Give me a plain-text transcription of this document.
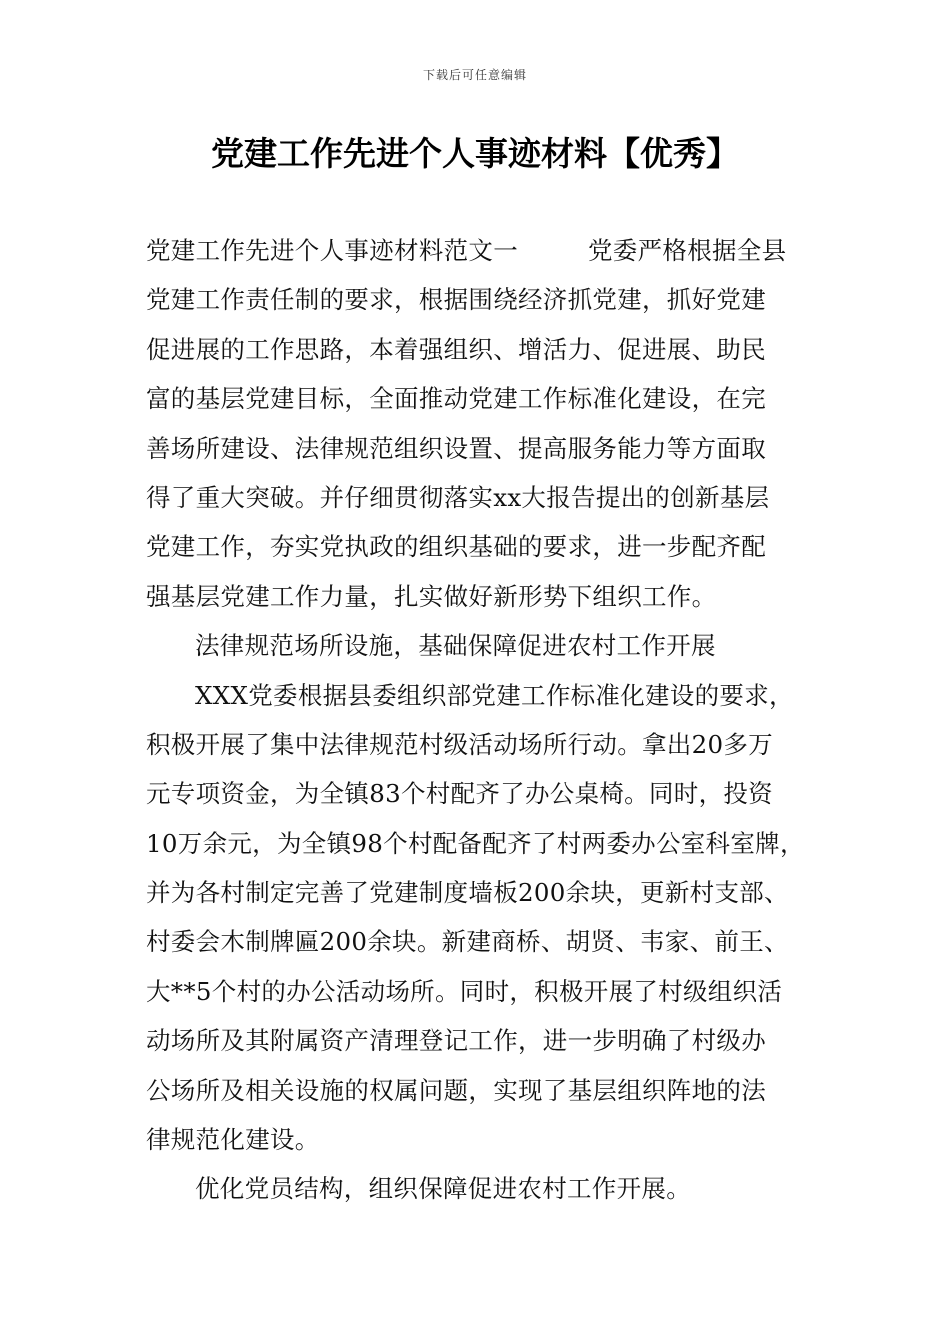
下载后可任意编辑
党建工作先进个人事迹材料【优秀】
党建工作先进个人事迹材料范文一	党委严格根据全县
党建工作责任制的要求，根据围绕经济抓党建，抓好党建
促进展的工作思路，本着强组织、增活力、促进展、助民
富的基层党建目标，全面推动党建工作标准化建设，在完
善场所建设、法律规范组织设置、提高服务能力等方面取
得了重大突破。并仔细贯彻落实xx大报告提出的创新基层
党建工作，夯实党执政的组织基础的要求，进一步配齐配
强基层党建工作力量，扎实做好新形势下组织工作。
法律规范场所设施，基础保障促进农村工作开展
XXX党委根据县委组织部党建工作标准化建设的要求，
积极开展了集中法律规范村级活动场所行动。拿出20多万
元专项资金，为全镇83个村配齐了办公桌椅。同时，投资
10万余元，为全镇98个村配备配齐了村两委办公室科室牌，
并为各村制定完善了党建制度墙板200余块，更新村支部、
村委会木制牌匾200余块。新建商桥、胡贤、韦家、前王、
大**5个村的办公活动场所。同时，积极开展了村级组织活
动场所及其附属资产清理登记工作，进一步明确了村级办
公场所及相关设施的权属问题，实现了基层组织阵地的法
律规范化建设。
优化党员结构，组织保障促进农村工作开展。
